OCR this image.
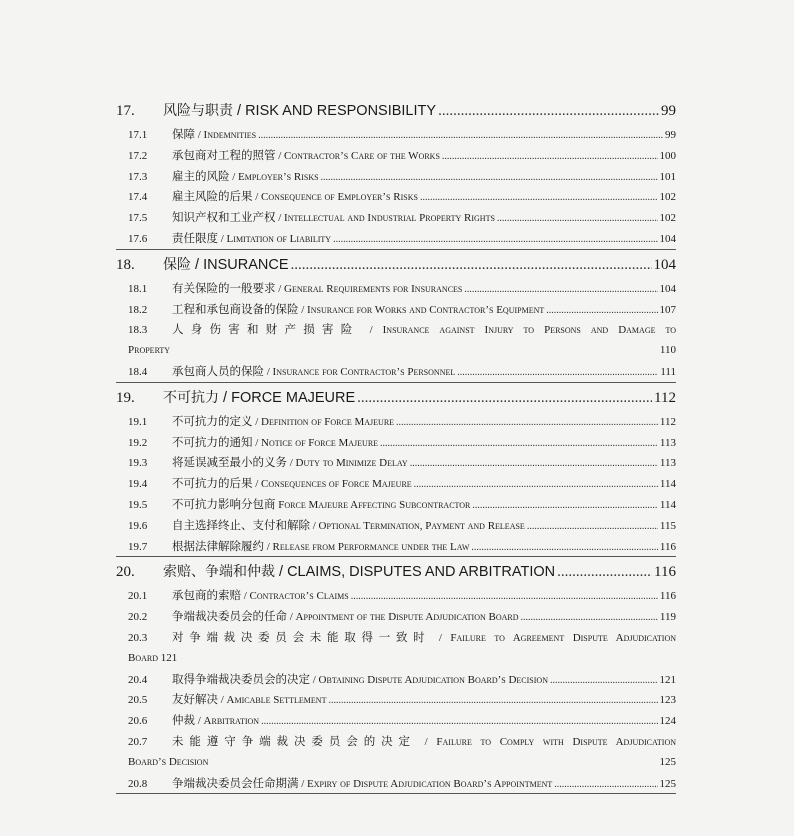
17.	风险与职责 / RISK AND RESPONSIBILITY .....	99
17.1	保障 / Indemnities .....	99
17.2	承包商对工程的照管 / Contractor’s Care of the Works .....	100
17.3	雇主的风险 / Employer’s Risks .....	101
17.4	雇主风险的后果 / Consequence of Employer’s Risks .....	102
17.5	知识产权和工业产权 / Intellectual and Industrial Property Rights .....	102
17.6	责任限度 / Limitation of Liability .....	104
18.	保险 / INSURANCE .....	104
18.1	有关保险的一般要求 / General Requirements for Insurances .....	104
18.2	工程和承包商设备的保险 / Insurance for Works and Contractor’s Equipment .....	107
18.3	人身伤害和财产损害险 / Insurance against Injury to Persons and Damage to
Property	110
18.4	承包商人员的保险 / Insurance for Contractor’s Personnel .....	111
19.	不可抗力 / FORCE MAJEURE .....	112
19.1	不可抗力的定义 / Definition of Force Majeure .....	112
19.2	不可抗力的通知 / Notice of Force Majeure .....	113
19.3	将延误减至最小的义务 / Duty to Minimize Delay .....	113
19.4	不可抗力的后果 / Consequences of Force Majeure .....	114
19.5	不可抗力影响分包商 Force Majeure Affecting Subcontractor .....	114
19.6	自主选择终止、支付和解除 / Optional Termination, Payment and Release .....	115
19.7	根据法律解除履约 / Release from Performance under the Law .....	116
20.	索赔、争端和仲裁 / CLAIMS, DISPUTES AND ARBITRATION .....	116
20.1	承包商的索赔 / Contractor’s Claims .....	116
20.2	争端裁决委员会的任命 / Appointment of the Dispute Adjudication Board .....	119
20.3	对争端裁决委员会未能取得一致时 / Failure to Agreement Dispute Adjudication
Board 121
20.4	取得争端裁决委员会的决定 / Obtaining Dispute Adjudication Board’s Decision .....	121
20.5	友好解决 / Amicable Settlement .....	123
20.6	仲裁 / Arbitration .....	124
20.7	未能遵守争端裁决委员会的决定 / Failure to Comply with Dispute Adjudication
Board’s Decision	125
20.8	争端裁决委员会任命期满 / Expiry of Dispute Adjudication Board’s Appointment .....	125
